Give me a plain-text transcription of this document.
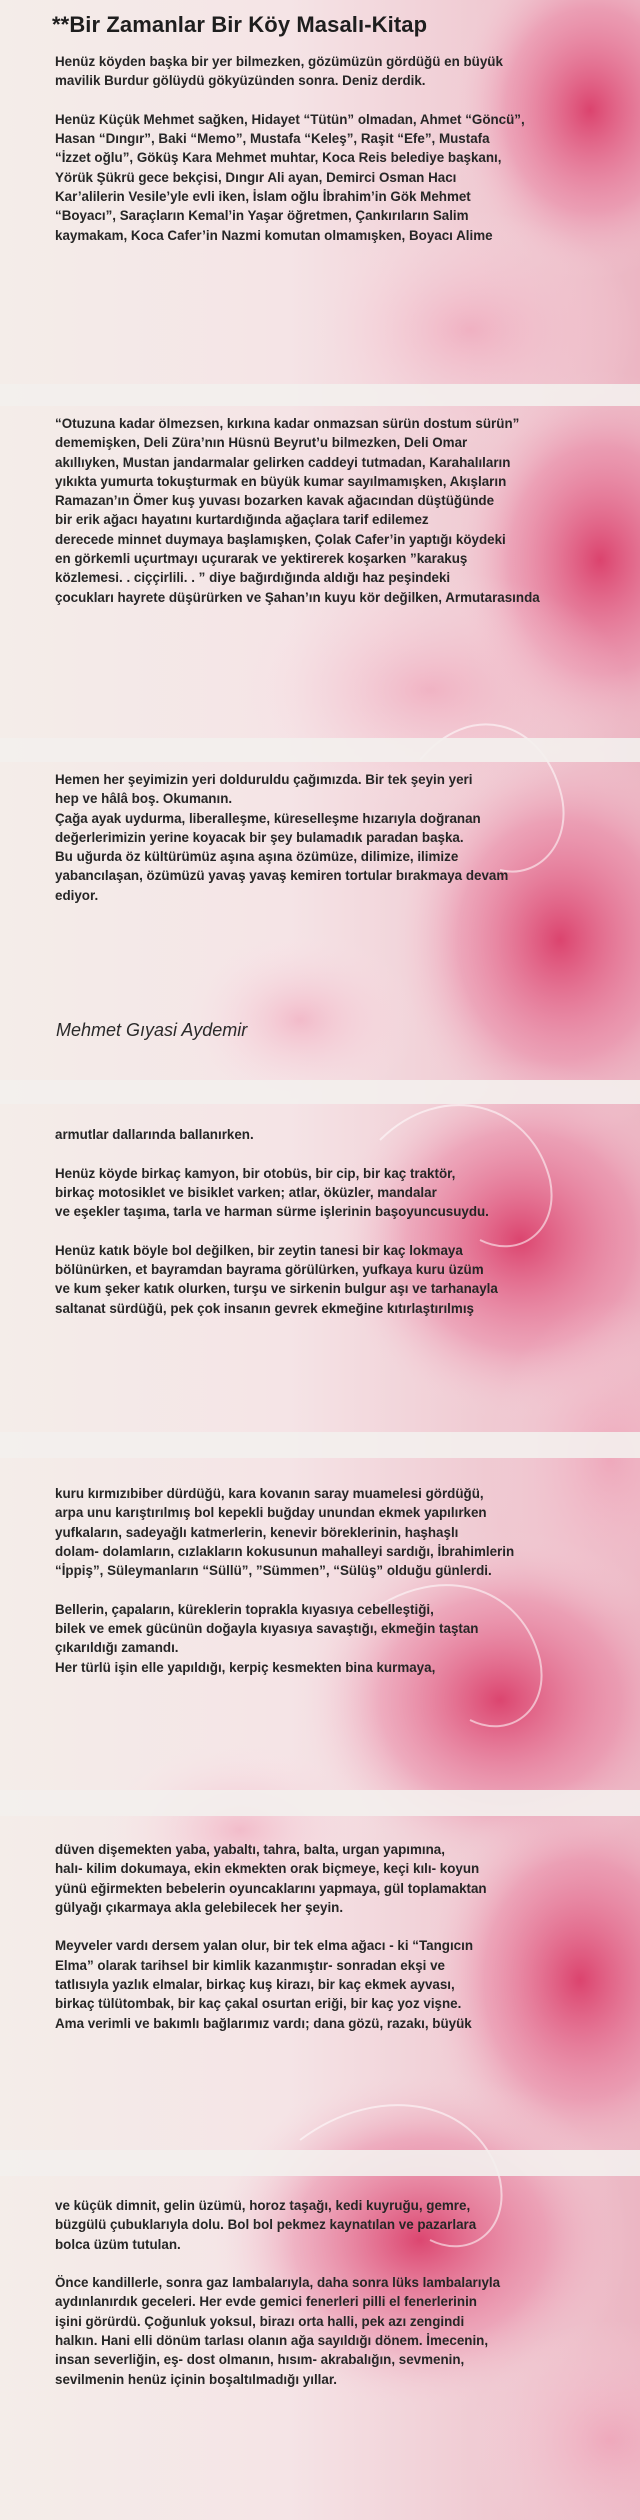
**Bir Zamanlar Bir Köy Masalı-Kitap

Henüz köyden başka bir yer bilmezken, gözümüzün gördüğü en büyük

mavilik Burdur gölüydü gökyüzünden sonra. Deniz derdik.

Henüz Küçük Mehmet sağken, Hidayet “Tütün” olmadan, Ahmet “Göncü”,

Hasan “Dıngır”, Baki “Memo”, Mustafa “Keleş”, Raşit “Efe”, Mustafa

“İzzet oğlu”, Göküş Kara Mehmet muhtar, Koca Reis belediye başkanı,

Yörük Şükrü gece bekçisi, Dıngır Ali ayan, Demirci Osman Hacı

Kar’alilerin Vesile’yle evli iken, İslam oğlu İbrahim’in Gök Mehmet

“Boyacı”, Saraçların Kemal’in Yaşar öğretmen, Çankırıların Salim

kaymakam, Koca Cafer’in Nazmi komutan olmamışken, Boyacı Alime

“Otuzuna kadar ölmezsen, kırkına kadar onmazsan sürün dostum sürün”

dememişken, Deli Züra’nın Hüsnü Beyrut’u bilmezken, Deli Omar

akıllıyken, Mustan jandarmalar gelirken caddeyi tutmadan, Karahalıların

yıkıkta yumurta tokuşturmak en büyük kumar sayılmamışken, Akışların

Ramazan’ın Ömer kuş yuvası bozarken kavak ağacından düştüğünde

bir erik ağacı hayatını kurtardığında ağaçlara tarif edilemez

derecede minnet duymaya başlamışken, Çolak Cafer’in yaptığı köydeki

en görkemli uçurtmayı uçurarak ve yektirerek koşarken ”karakuş

közlemesi. . ciççirlili. . ” diye bağırdığında aldığı haz peşindeki

çocukları hayrete düşürürken ve Şahan’ın kuyu kör değilken, Armutarasında

Hemen her şeyimizin yeri dolduruldu çağımızda. Bir tek şeyin yeri

hep ve hâlâ boş. Okumanın.

Çağa ayak uydurma, liberalleşme, küreselleşme hızarıyla doğranan

değerlerimizin yerine koyacak bir şey bulamadık paradan başka.

Bu uğurda öz kültürümüz aşına aşına özümüze, dilimize, ilimize

yabancılaşan, özümüzü yavaş yavaş kemiren tortular bırakmaya devam

ediyor.

Mehmet Gıyasi Aydemir

armutlar dallarında ballanırken.

Henüz köyde birkaç kamyon, bir otobüs, bir cip, bir kaç traktör,

birkaç motosiklet ve bisiklet varken; atlar, öküzler, mandalar

ve eşekler taşıma, tarla ve harman sürme işlerinin başoyuncusuydu.

Henüz katık böyle bol değilken, bir zeytin tanesi bir kaç lokmaya

bölünürken, et bayramdan bayrama görülürken, yufkaya kuru üzüm

ve kum şeker katık olurken, turşu ve sirkenin bulgur aşı ve tarhanayla

saltanat sürdüğü, pek çok insanın gevrek ekmeğine kıtırlaştırılmış

kuru kırmızıbiber dürdüğü, kara kovanın saray muamelesi gördüğü,

arpa unu karıştırılmış bol kepekli buğday unundan ekmek yapılırken

yufkaların, sadeyağlı katmerlerin, kenevir böreklerinin, haşhaşlı

dolam- dolamların, cızlakların kokusunun mahalleyi sardığı, İbrahimlerin

“İppiş”, Süleymanların “Süllü”, ”Sümmen”, “Sülüş” olduğu günlerdi.

Bellerin, çapaların, küreklerin toprakla kıyasıya cebelleştiği,

bilek ve emek gücünün doğayla kıyasıya savaştığı, ekmeğin taştan

çıkarıldığı zamandı.

Her türlü işin elle yapıldığı, kerpiç kesmekten bina kurmaya,

düven dişemekten yaba, yabaltı, tahra, balta, urgan yapımına,

halı- kilim dokumaya, ekin ekmekten orak biçmeye, keçi kılı- koyun

yünü eğirmekten bebelerin oyuncaklarını yapmaya, gül toplamaktan

gülyağı çıkarmaya akla gelebilecek her şeyin.

Meyveler vardı dersem yalan olur, bir tek elma ağacı - ki “Tangıcın

Elma” olarak tarihsel bir kimlik kazanmıştır- sonradan ekşi ve

tatlısıyla yazlık elmalar, birkaç kuş kirazı, bir kaç ekmek ayvası,

birkaç tülütombak, bir kaç çakal osurtan eriği, bir kaç yoz vişne.

Ama verimli ve bakımlı bağlarımız vardı; dana gözü, razakı, büyük

ve küçük dimnit, gelin üzümü, horoz taşağı, kedi kuyruğu, gemre,

büzgülü çubuklarıyla dolu. Bol bol pekmez kaynatılan ve pazarlara

bolca üzüm tutulan.

Önce kandillerle, sonra gaz lambalarıyla, daha sonra lüks lambalarıyla

aydınlanırdık geceleri. Her evde gemici fenerleri pilli el fenerlerinin

işini görürdü. Çoğunluk yoksul, birazı orta halli, pek azı zengindi

halkın. Hani elli dönüm tarlası olanın ağa sayıldığı dönem. İmecenin,

insan severliğin, eş- dost olmanın, hısım- akrabalığın, sevmenin,

sevilmenin henüz içinin boşaltılmadığı yıllar.
